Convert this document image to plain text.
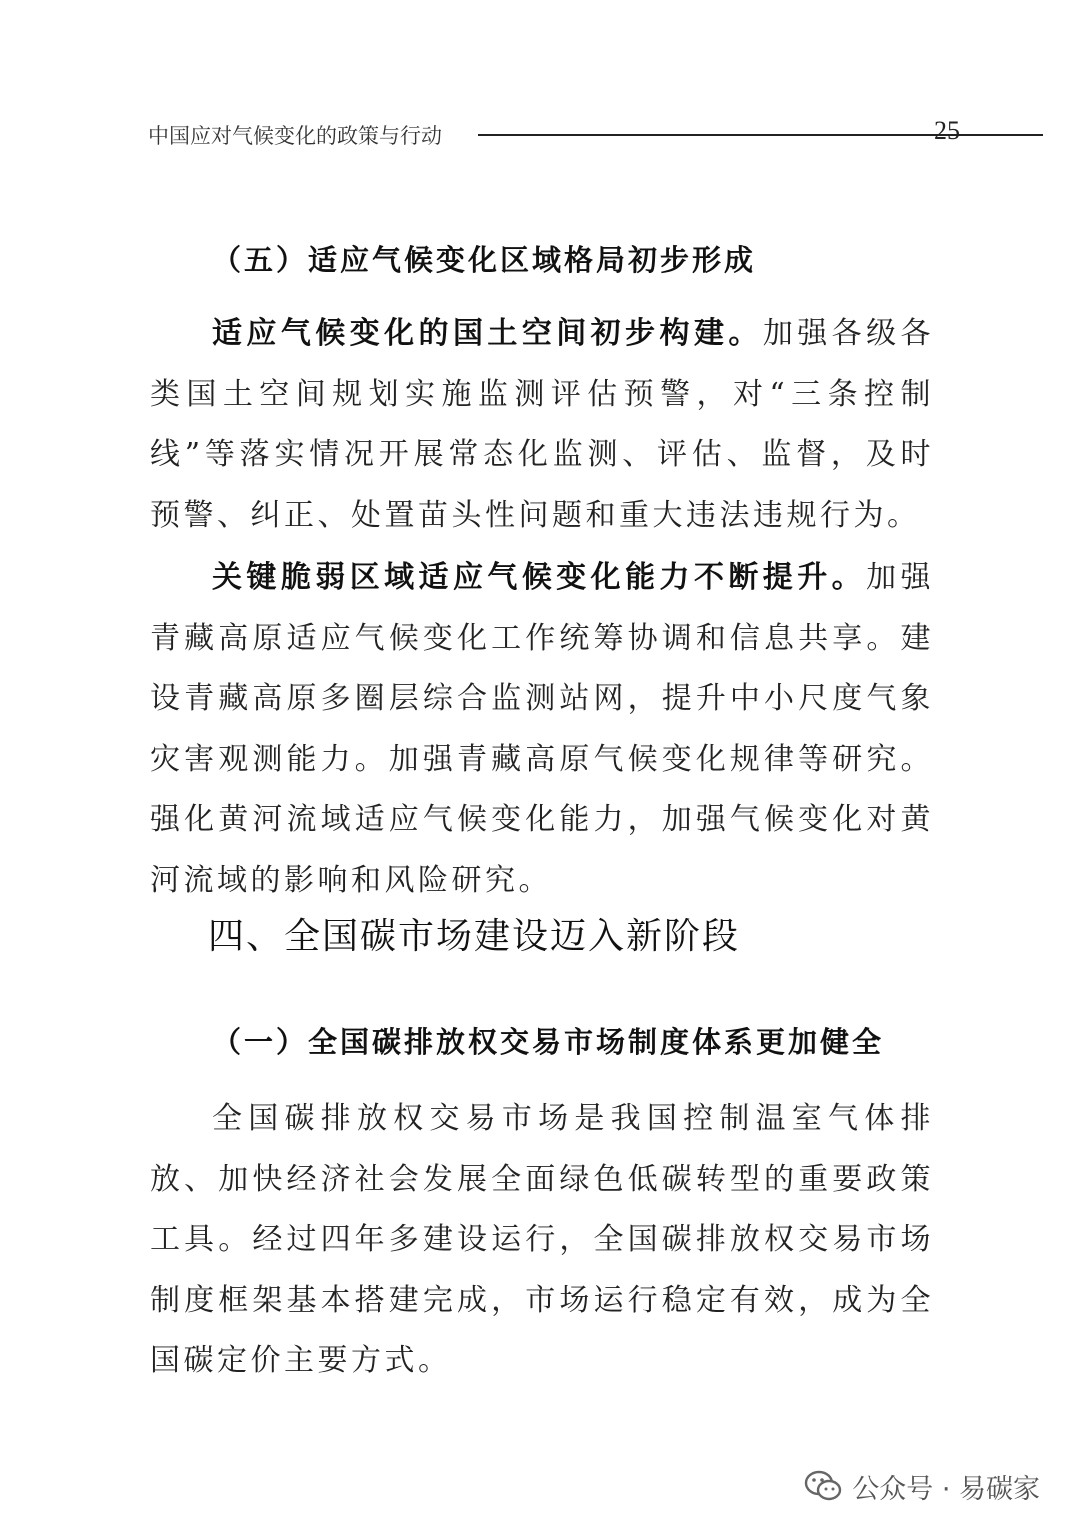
中国应对气候变化的政策与行动	25
（五）适应气候变化区域格局初步形成

适应气候变化的国土空间初步构建。加强各级各类国土空间规划实施监测评估预警，对“三条控制线”等落实情况开展常态化监测、评估、监督，及时预警、纠正、处置苗头性问题和重大违法违规行为。

关键脆弱区域适应气候变化能力不断提升。加强青藏高原适应气候变化工作统筹协调和信息共享。建设青藏高原多圈层综合监测站网，提升中小尺度气象灾害观测能力。加强青藏高原气候变化规律等研究。强化黄河流域适应气候变化能力，加强气候变化对黄河流域的影响和风险研究。

四、全国碳市场建设迈入新阶段
（一）全国碳排放权交易市场制度体系更加健全

全国碳排放权交易市场是我国控制温室气体排放、加快经济社会发展全面绿色低碳转型的重要政策工具。经过四年多建设运行，全国碳排放权交易市场制度框架基本搭建完成，市场运行稳定有效，成为全国碳定价主要方式。

公众号 · 易碳家
